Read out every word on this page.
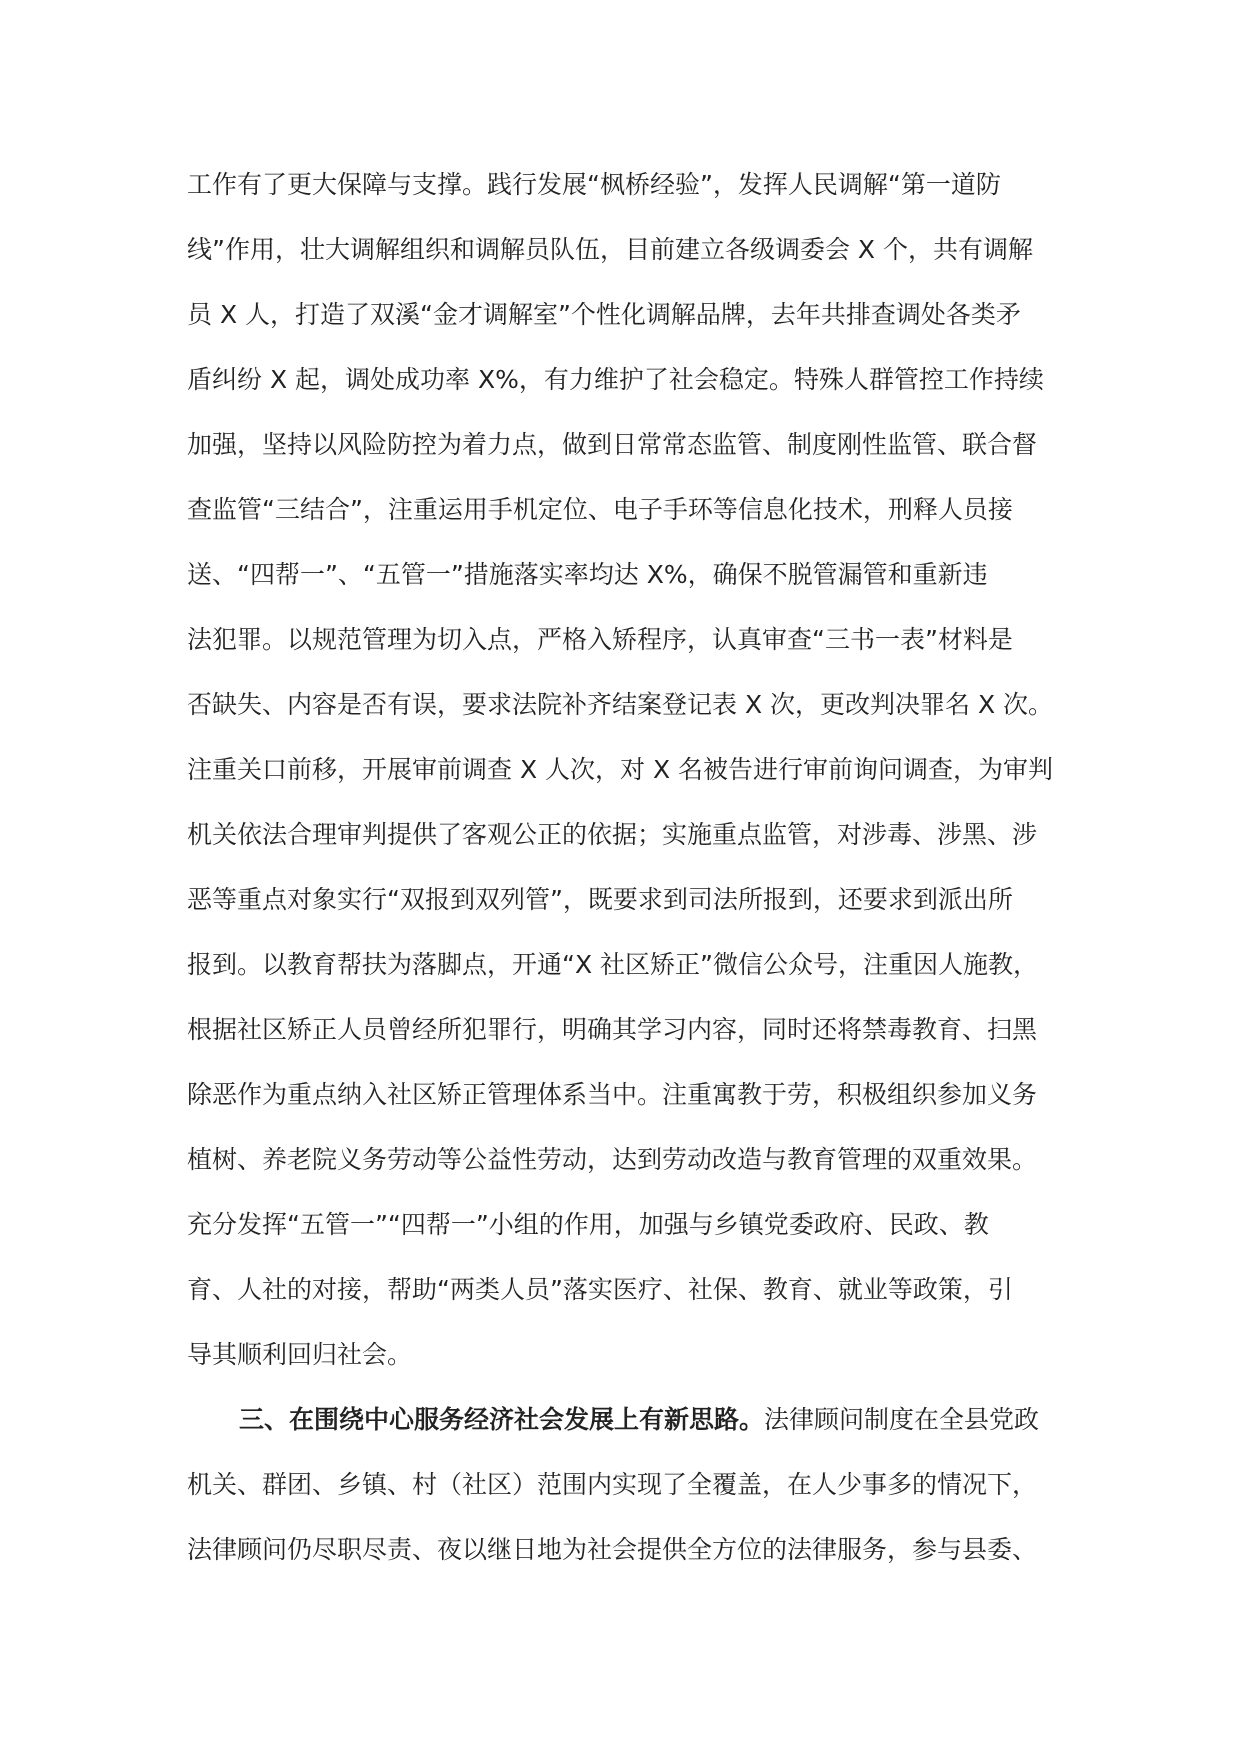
工作有了更大保障与支撑。践行发展“枫桥经验”，发挥人民调解“第一道防
线”作用，壮大调解组织和调解员队伍，目前建立各级调委会 X 个，共有调解
员 X 人，打造了双溪“金才调解室”个性化调解品牌，去年共排查调处各类矛
盾纠纷 X 起，调处成功率 X%，有力维护了社会稳定。特殊人群管控工作持续
加强，坚持以风险防控为着力点，做到日常常态监管、制度刚性监管、联合督
查监管“三结合”，注重运用手机定位、电子手环等信息化技术，刑释人员接
送、“四帮一”、“五管一”措施落实率均达 X%，确保不脱管漏管和重新违
法犯罪。以规范管理为切入点，严格入矫程序，认真审查“三书一表”材料是
否缺失、内容是否有误，要求法院补齐结案登记表 X 次，更改判决罪名 X 次。
注重关口前移，开展审前调查 X 人次，对 X 名被告进行审前询问调查，为审判
机关依法合理审判提供了客观公正的依据；实施重点监管，对涉毒、涉黑、涉
恶等重点对象实行“双报到双列管”，既要求到司法所报到，还要求到派出所
报到。以教育帮扶为落脚点，开通“X 社区矫正”微信公众号，注重因人施教，
根据社区矫正人员曾经所犯罪行，明确其学习内容，同时还将禁毒教育、扫黑
除恶作为重点纳入社区矫正管理体系当中。注重寓教于劳，积极组织参加义务
植树、养老院义务劳动等公益性劳动，达到劳动改造与教育管理的双重效果。
充分发挥“五管一”“四帮一”小组的作用，加强与乡镇党委政府、民政、教
育、人社的对接，帮助“两类人员”落实医疗、社保、教育、就业等政策，引
导其顺利回归社会。
三、在围绕中心服务经济社会发展上有新思路。法律顾问制度在全县党政
机关、群团、乡镇、村（社区）范围内实现了全覆盖，在人少事多的情况下，
法律顾问仍尽职尽责、夜以继日地为社会提供全方位的法律服务，参与县委、
